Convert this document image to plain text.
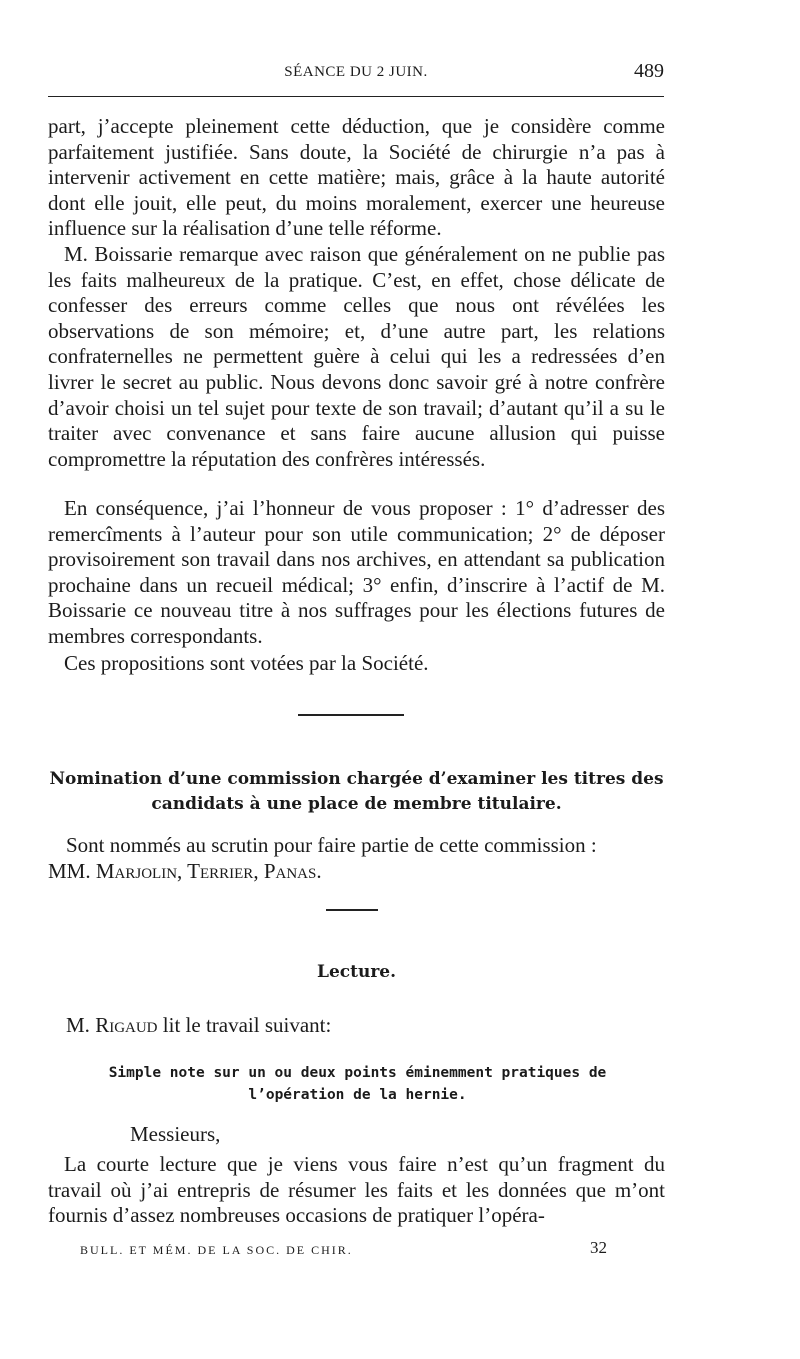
SÉANCE DU 2 JUIN.	489

part, j’accepte pleinement cette déduction, que je considère comme parfaitement justifiée. Sans doute, la Société de chirurgie n’a pas à intervenir activement en cette matière; mais, grâce à la haute autorité dont elle jouit, elle peut, du moins moralement, exercer une heureuse influence sur la réalisation d’une telle réforme.

M. Boissarie remarque avec raison que généralement on ne publie pas les faits malheureux de la pratique. C’est, en effet, chose délicate de confesser des erreurs comme celles que nous ont révélées les observations de son mémoire; et, d’une autre part, les relations confraternelles ne permettent guère à celui qui les a redressées d’en livrer le secret au public. Nous devons donc savoir gré à notre confrère d’avoir choisi un tel sujet pour texte de son travail; d’autant qu’il a su le traiter avec convenance et sans faire aucune allusion qui puisse compromettre la réputation des confrères intéressés.

En conséquence, j’ai l’honneur de vous proposer : 1° d’adresser des remercîments à l’auteur pour son utile communication; 2° de déposer provisoirement son travail dans nos archives, en attendant sa publication prochaine dans un recueil médical; 3° enfin, d’inscrire à l’actif de M. Boissarie ce nouveau titre à nos suffrages pour les élections futures de membres correspondants.

Ces propositions sont votées par la Société.

Nomination d’une commission chargée d’examiner les titres des candidats à une place de membre titulaire.

Sont nommés au scrutin pour faire partie de cette commission :
MM. Marjolin, Terrier, Panas.

Lecture.

M. Rigaud lit le travail suivant:

Simple note sur un ou deux points éminemment pratiques de l’opération de la hernie.

Messieurs,

La courte lecture que je viens vous faire n’est qu’un fragment du travail où j’ai entrepris de résumer les faits et les données que m’ont fournis d’assez nombreuses occasions de pratiquer l’opéra-

BULL. ET MÉM. DE LA SOC. DE CHIR.	32
